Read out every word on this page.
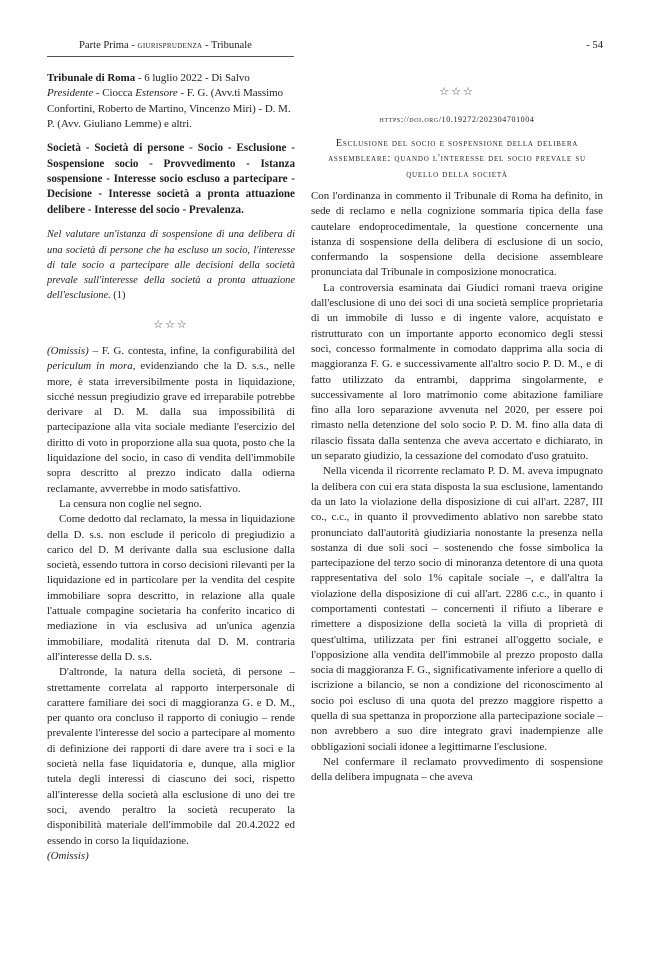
Parte Prima - giurisprudenza - Tribunale	- 54

Tribunale di Roma - 6 luglio 2022 - Di Salvo Presidente - Ciocca Estensore - F. G. (Avv.ti Massimo Confortini, Roberto de Martino, Vincenzo Miri) - D. M. P. (Avv. Giuliano Lemme) e altri.

Società - Società di persone - Socio - Esclusione - Sospensione socio - Provvedimento - Istanza sospensione - Interesse socio escluso a partecipare - Decisione - Interesse società a pronta attuazione delibere - Interesse del socio - Prevalenza.

Nel valutare un'istanza di sospensione di una delibera di una società di persone che ha escluso un socio, l'interesse di tale socio a partecipare alle decisioni della società prevale sull'interesse della società a pronta attuazione dell'esclusione. (1)

☆☆☆

(Omissis) – F. G. contesta, infine, la configurabilità del periculum in mora, evidenziando che la D. s.s., nelle more, è stata irreversibilmente posta in liquidazione, sicché nessun pregiudizio grave ed irreparabile potrebbe derivare al D. M. dalla sua impossibilità di partecipazione alla vita sociale mediante l'esercizio del diritto di voto in proporzione alla sua quota, posto che la liquidazione del socio, in caso di vendita dell'immobile sopra descritto al prezzo indicato dalla odierna reclamante, avverrebbe in modo satisfattivo.

La censura non coglie nel segno.

Come dedotto dal reclamato, la messa in liquidazione della D. s.s. non esclude il pericolo di pregiudizio a carico del D. M derivante dalla sua esclusione dalla società, essendo tuttora in corso decisioni rilevanti per la liquidazione ed in particolare per la vendita del cespite immobiliare sopra descritto, in relazione alla quale l'attuale compagine societaria ha conferito incarico di mediazione in via esclusiva ad un'unica agenzia immobiliare, modalità ritenuta dal D. M. contraria all'interesse della D. s.s.

D'altronde, la natura della società, di persone – strettamente correlata al rapporto interpersonale di carattere familiare dei soci di maggioranza G. e D. M., per quanto ora concluso il rapporto di coniugio – rende prevalente l'interesse del socio a partecipare al momento di definizione dei rapporti di dare avere tra i soci e la società nella fase liquidatoria e, dunque, alla miglior tutela degli interessi di ciascuno dei soci, rispetto all'interesse della società alla esclusione di uno dei tre soci, avendo peraltro la società recuperato la disponibilità materiale dell'immobile dal 20.4.2022 ed essendo in corso la liquidazione.

(Omissis)

☆☆☆

https://doi.org/10.19272/202304701004

Esclusione del socio e sospensione della delibera assembleare: quando l'interesse del socio prevale su quello della società

Con l'ordinanza in commento il Tribunale di Roma ha definito, in sede di reclamo e nella cognizione sommaria tipica della fase cautelare endoprocedimentale, la questione concernente una istanza di sospensione della delibera di esclusione di un socio, confermando la sospensione della decisione assembleare pronunciata dal Tribunale in composizione monocratica.

La controversia esaminata dai Giudici romani traeva origine dall'esclusione di uno dei soci di una società semplice proprietaria di un immobile di lusso e di ingente valore, acquistato e ristrutturato con un importante apporto economico degli stessi soci, concesso formalmente in comodato dapprima alla socia di maggioranza F. G. e successivamente all'altro socio P. D. M., e di fatto utilizzato da entrambi, dapprima singolarmente, e successivamente al loro matrimonio come abitazione familiare fino alla loro separazione avvenuta nel 2020, per essere poi rimasto nella detenzione del solo socio P. D. M. fino alla data di rilascio fissata dalla sentenza che aveva accertato e dichiarato, in un separato giudizio, la cessazione del comodato d'uso gratuito.

Nella vicenda il ricorrente reclamato P. D. M. aveva impugnato la delibera con cui era stata disposta la sua esclusione, lamentando da un lato la violazione della disposizione di cui all'art. 2287, III co., c.c., in quanto il provvedimento ablativo non sarebbe stato pronunciato dall'autorità giudiziaria nonostante la presenza nella sostanza di due soli soci – sostenendo che fosse simbolica la partecipazione del terzo socio di minoranza detentore di una quota rappresentativa del solo 1% capitale sociale –, e dall'altra la violazione della disposizione di cui all'art. 2286 c.c., in quanto i comportamenti contestati – concernenti il rifiuto a liberare e rimettere a disposizione della società la villa di proprietà di quest'ultima, utilizzata per fini estranei all'oggetto sociale, e l'opposizione alla vendita dell'immobile al prezzo proposto dalla socia di maggioranza F. G., significativamente inferiore a quello di iscrizione a bilancio, se non a condizione del riconoscimento al socio poi escluso di una quota del prezzo maggiore rispetto a quella di sua spettanza in proporzione alla partecipazione sociale – non avrebbero a suo dire integrato gravi inadempienze alle obbligazioni sociali idonee a legittimarne l'esclusione.

Nel confermare il reclamato provvedimento di sospensione della delibera impugnata – che aveva
